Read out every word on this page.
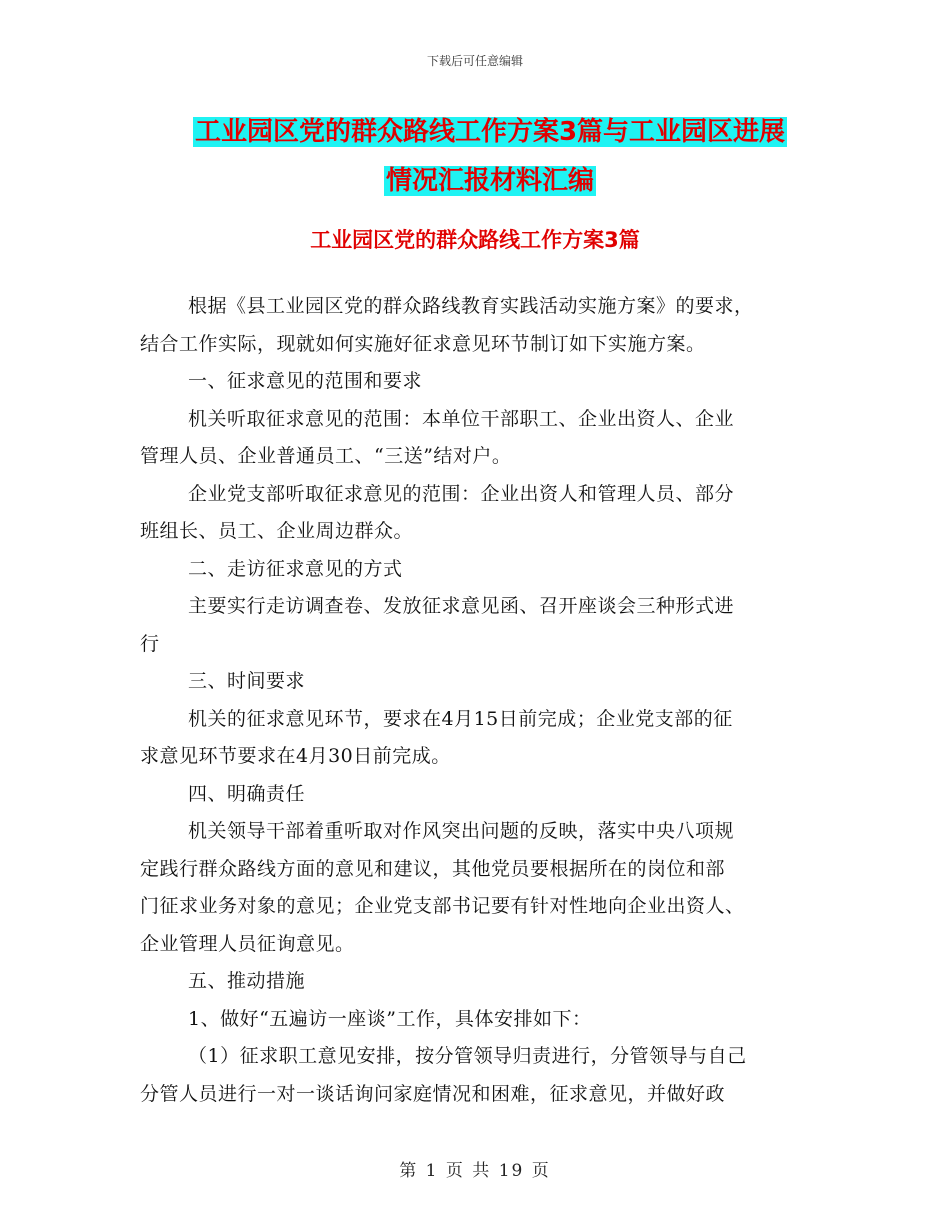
下载后可任意编辑
工业园区党的群众路线工作方案3篇与工业园区进展
情况汇报材料汇编
工业园区党的群众路线工作方案3篇

根据《县工业园区党的群众路线教育实践活动实施方案》的要求，

结合工作实际，现就如何实施好征求意见环节制订如下实施方案。

一、征求意见的范围和要求

机关听取征求意见的范围：本单位干部职工、企业出资人、企业

管理人员、企业普通员工、“三送”结对户。

企业党支部听取征求意见的范围：企业出资人和管理人员、部分

班组长、员工、企业周边群众。

二、走访征求意见的方式

主要实行走访调查卷、发放征求意见函、召开座谈会三种形式进

行

三、时间要求

机关的征求意见环节，要求在4月15日前完成；企业党支部的征

求意见环节要求在4月30日前完成。

四、明确责任

机关领导干部着重听取对作风突出问题的反映，落实中央八项规

定践行群众路线方面的意见和建议，其他党员要根据所在的岗位和部

门征求业务对象的意见；企业党支部书记要有针对性地向企业出资人、

企业管理人员征询意见。

五、推动措施

1、做好“五遍访一座谈”工作，具体安排如下：

（1）征求职工意见安排，按分管领导归责进行，分管领导与自己

分管人员进行一对一谈话询问家庭情况和困难，征求意见，并做好政

第 1 页 共 19 页
